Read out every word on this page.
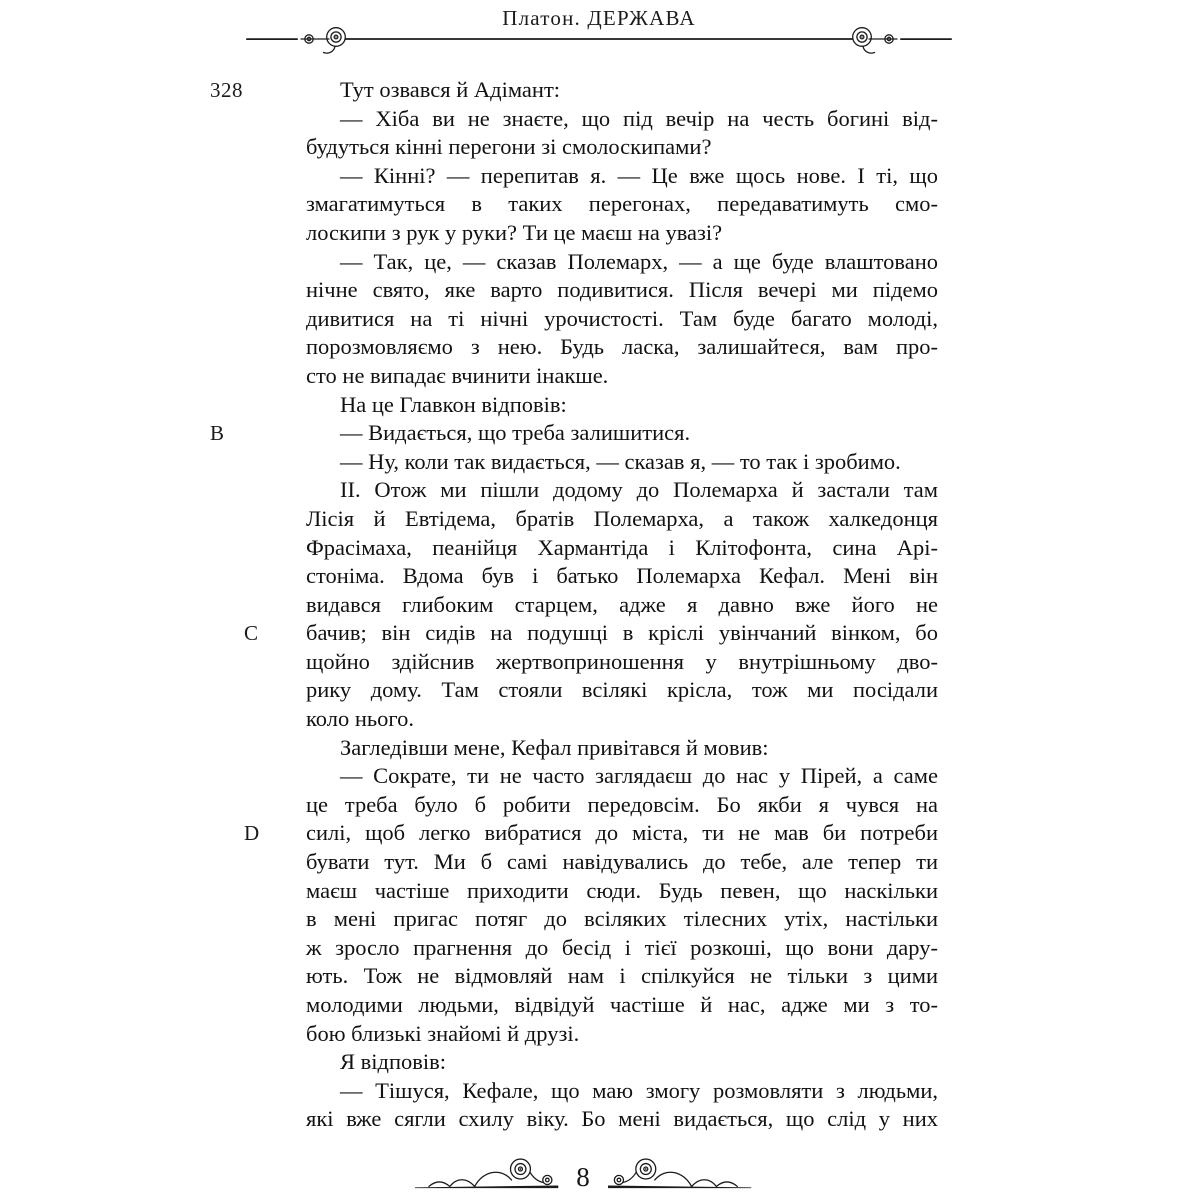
Платон. ДЕРЖАВА
328	Тут озвався й Адімант:
— Хіба ви не знаєте, що під вечір на честь богині від-
будуться кінні перегони зі смолоскипами?
— Кінні? — перепитав я. — Це вже щось нове. І ті, що
змагатимуться в таких перегонах, передаватимуть смо-
лоскипи з рук у руки? Ти це маєш на увазі?
— Так, це, — сказав Полемарх, — а ще буде влаштовано
нічне свято, яке варто подивитися. Після вечері ми підемо
дивитися на ті нічні урочистості. Там буде багато молоді,
порозмовляємо з нею. Будь ласка, залишайтеся, вам про-
сто не випадає вчинити інакше.
На це Главкон відповів:
B	— Видається, що треба залишитися.
— Ну, коли так видається, — сказав я, — то так і зробимо.
II. Отож ми пішли додому до Полемарха й застали там
Лісія й Евтідема, братів Полемарха, а також халкедонця
Фрасімаха, пеанійця Хармантіда і Клітофонта, сина Арі-
стоніма. Вдома був і батько Полемарха Кефал. Мені він
видався глибоким старцем, адже я давно вже його не
C	бачив; він сидів на подушці в кріслі увінчаний вінком, бо
щойно здійснив жертвоприношення у внутрішньому дво-
рику дому. Там стояли всілякі крісла, тож ми посідали
коло нього.
Загледівши мене, Кефал привітався й мовив:
— Сократе, ти не часто заглядаєш до нас у Пірей, а саме
це треба було б робити передовсім. Бо якби я чувся на
D	силі, щоб легко вибратися до міста, ти не мав би потреби
бувати тут. Ми б самі навідувались до тебе, але тепер ти
маєш частіше приходити сюди. Будь певен, що наскільки
в мені пригас потяг до всіляких тілесних утіх, настільки
ж зросло прагнення до бесід і тієї розкоші, що вони дару-
ють. Тож не відмовляй нам і спілкуйся не тільки з цими
молодими людьми, відвідуй частіше й нас, адже ми з то-
бою близькі знайомі й друзі.
Я відповів:
— Тішуся, Кефале, що маю змогу розмовляти з людьми,
які вже сягли схилу віку. Бо мені видається, що слід у них
8
